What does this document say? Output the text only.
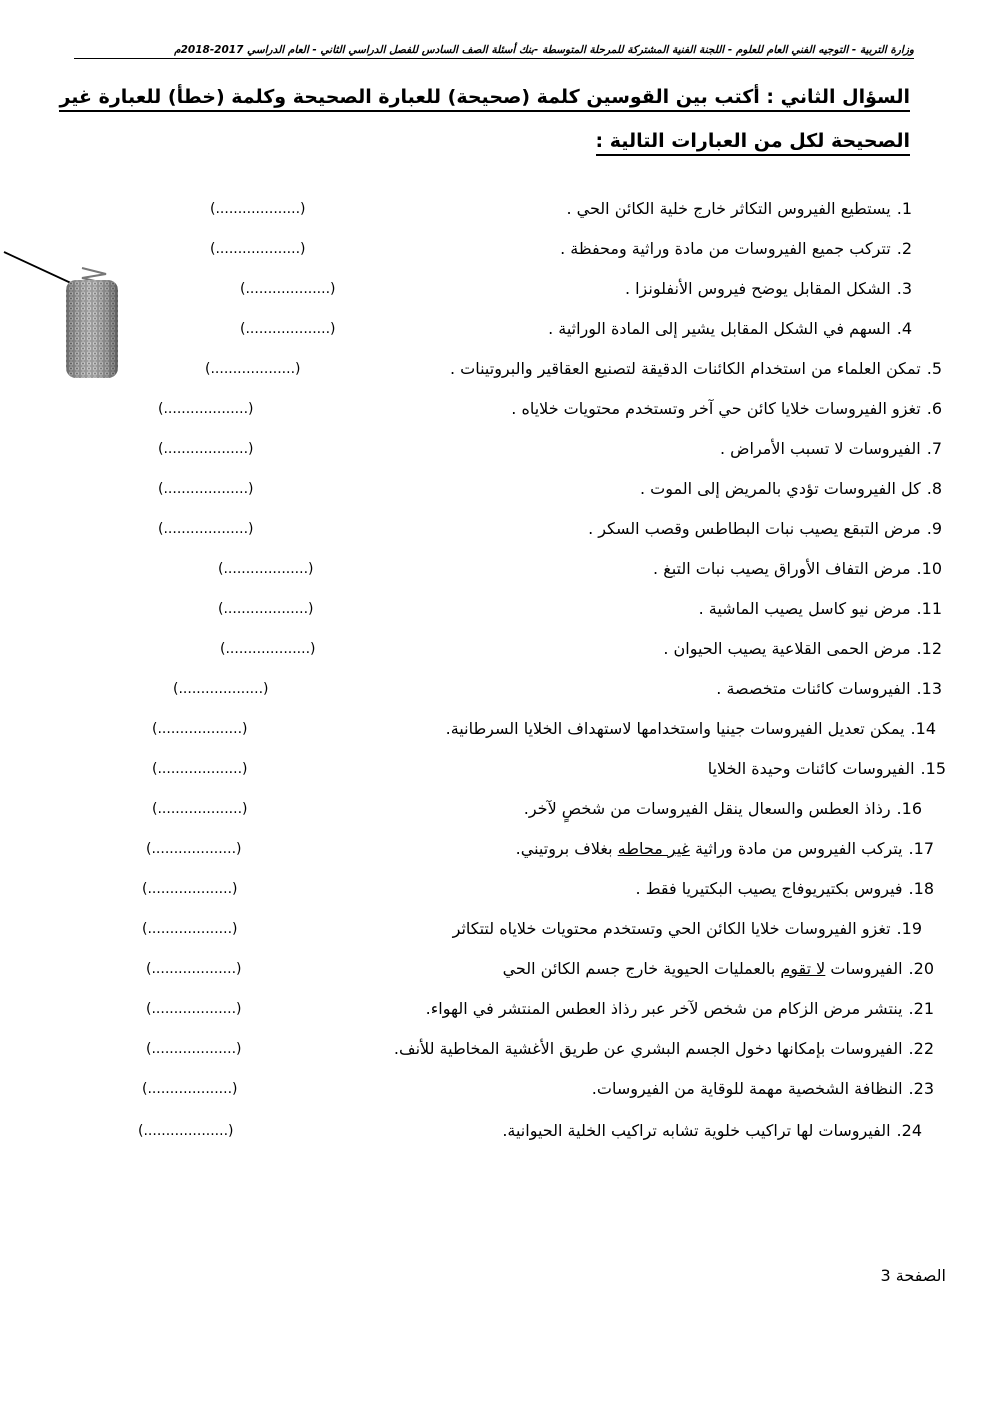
وزارة التربية - التوجيه الفني العام للعلوم - اللجنة الفنية المشتركة للمرحلة المتوسطة -بنك أسئلة الصف السادس للفصل الدراسي الثاني - العام الدراسي 2017-2018م
السؤال الثاني : أكتب بين القوسين كلمة (صحيحة) للعبارة الصحيحة وكلمة (خطأ) للعبارة غير
الصحيحة لكل من العبارات التالية :
1.يستطيع الفيروس التكاثر خارج خلية الكائن الحي .
(...................)
2.تتركب جميع الفيروسات من مادة وراثية ومحفظة .
(...................)
3.الشكل المقابل يوضح فيروس الأنفلونزا .
(...................)
4.السهم في الشكل المقابل يشير إلى المادة الوراثية .
(...................)
5.تمكن العلماء من استخدام الكائنات الدقيقة لتصنيع العقاقير والبروتينات .
(...................)
6.تغزو الفيروسات خلايا كائن حي آخر وتستخدم محتويات خلاياه .
(...................)
7.الفيروسات لا تسبب الأمراض .
(...................)
8.كل الفيروسات تؤدي بالمريض إلى الموت .
(...................)
9.مرض التبقع يصيب نبات البطاطس وقصب السكر .
(...................)
10.مرض التفاف الأوراق يصيب نبات التبغ .
(...................)
11.مرض نيو كاسل يصيب الماشية .
(...................)
12.مرض الحمى القلاعية يصيب الحيوان .
(...................)
13.الفيروسات كائنات متخصصة .
(...................)
14.يمكن تعديل الفيروسات جينيا واستخدامها لاستهداف الخلايا السرطانية.
(...................)
15.الفيروسات كائنات وحيدة الخلايا
(...................)
16.رذاذ العطس والسعال ينقل الفيروسات من شخصٍ لآخر.
(...................)
17.يتركب الفيروس من مادة وراثية غير محاطه بغلاف بروتيني.
(...................)
18.فيروس بكتيريوفاج يصيب البكتيريا فقط .
(...................)
19.تغزو الفيروسات خلايا الكائن الحي وتستخدم محتويات خلاياه لتتكاثر
(...................)
20.الفيروسات لا تقوم بالعمليات الحيوية خارج جسم الكائن الحي
(...................)
21.ينتشر مرض الزكام من شخص لآخر عبر رذاذ العطس المنتشر في الهواء.
(...................)
22.الفيروسات بإمكانها دخول الجسم البشري عن طريق الأغشية المخاطية للأنف.
(...................)
23.النظافة الشخصية مهمة للوقاية من الفيروسات.
(...................)
24.الفيروسات لها تراكيب خلوية تشابه تراكيب الخلية الحيوانية.
(...................)
الصفحة 3
